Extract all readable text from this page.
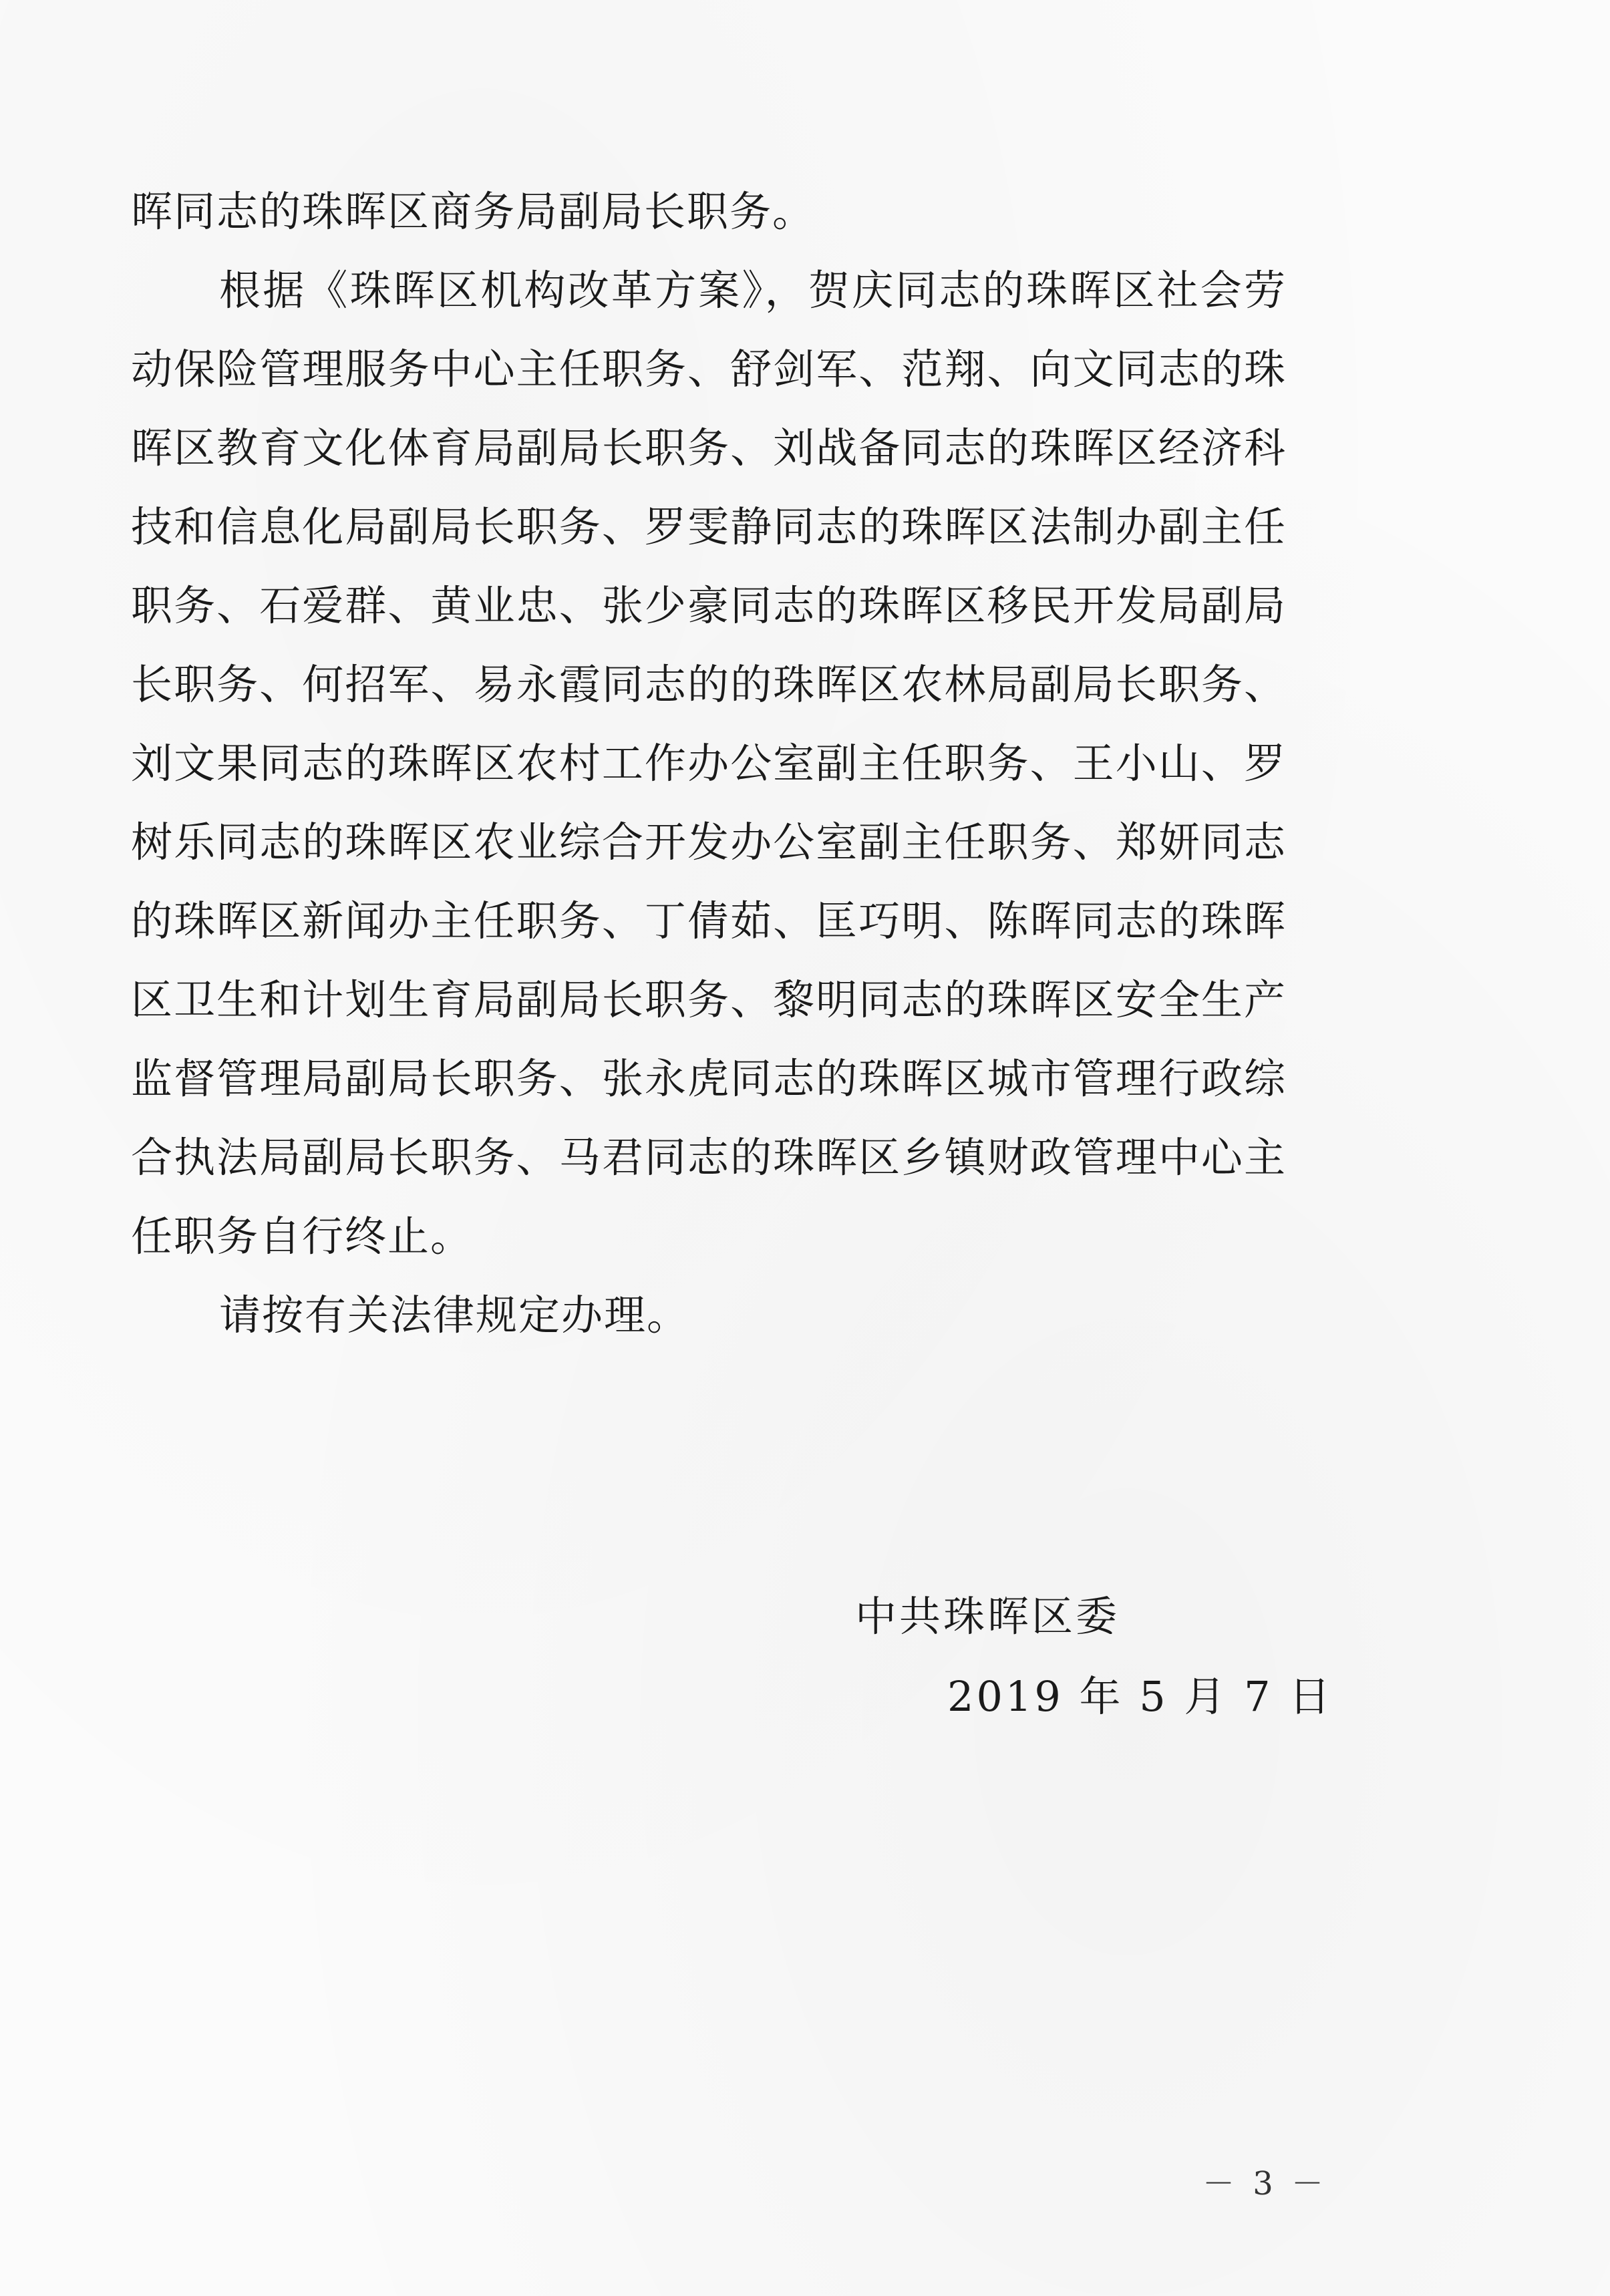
晖同志的珠晖区商务局副局长职务。

根据《珠晖区机构改革方案》，贺庆同志的珠晖区社会劳动保险管理服务中心主任职务、舒剑军、范翔、向文同志的珠晖区教育文化体育局副局长职务、刘战备同志的珠晖区经济科技和信息化局副局长职务、罗雯静同志的珠晖区法制办副主任职务、石爱群、黄业忠、张少豪同志的珠晖区移民开发局副局长职务、何招军、易永霞同志的的珠晖区农林局副局长职务、刘文果同志的珠晖区农村工作办公室副主任职务、王小山、罗树乐同志的珠晖区农业综合开发办公室副主任职务、郑妍同志的珠晖区新闻办主任职务、丁倩茹、匡巧明、陈晖同志的珠晖区卫生和计划生育局副局长职务、黎明同志的珠晖区安全生产监督管理局副局长职务、张永虎同志的珠晖区城市管理行政综合执法局副局长职务、马君同志的珠晖区乡镇财政管理中心主任职务自行终止。

请按有关法律规定办理。

中共珠晖区委
2019 年 5 月 7 日
－ 3 －
